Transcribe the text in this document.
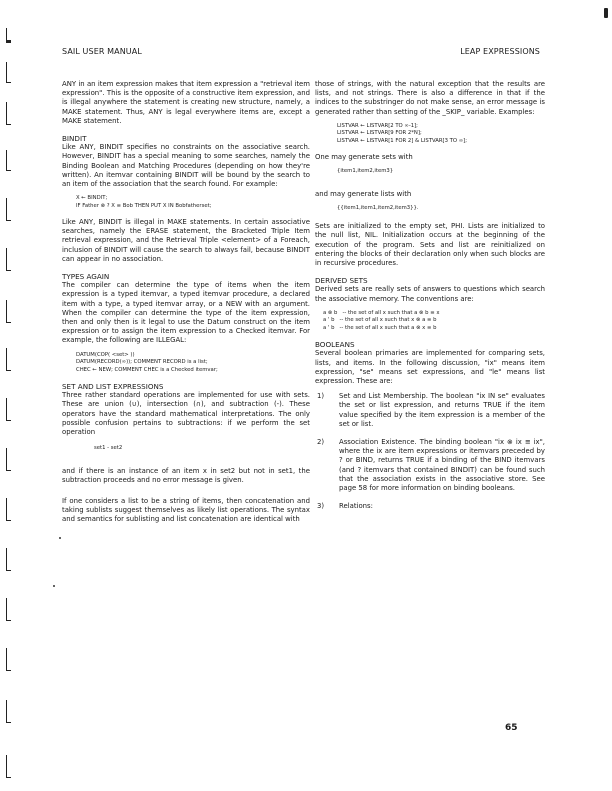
SAIL USER MANUAL	LEAP EXPRESSIONS

ANY in an item expression makes that item expression a "retrieval item expression". This is the opposite of a constructive item expression, and is illegal anywhere the statement is creating new structure, namely, a MAKE statement. Thus, ANY is legal everywhere items are, except a MAKE statement.

BINDIT

Like ANY, BINDIT specifies no constraints on the associative search. However, BINDIT has a special meaning to some searches, namely the Binding Boolean and Matching Procedures (depending on how they're written). An itemvar containing BINDIT will be bound by the search to an item of the association that the search found. For example:

X ← BINDIT;
IF Father ⊗ ? X ≡ Bob THEN PUT X IN Bobfatherset;

Like ANY, BINDIT is illegal in MAKE statements. In certain associative searches, namely the ERASE statement, the Bracketed Triple Item retrieval expression, and the Retrieval Triple <element> of a Foreach, inclusion of BINDIT will cause the search to always fail, because BINDIT can appear in no association.

TYPES AGAIN

The compiler can determine the type of items when the item expression is a typed itemvar, a typed itemvar procedure, a declared item with a type, a typed itemvar array, or a NEW with an argument. When the compiler can determine the type of the item expression, then and only then is it legal to use the Datum construct on the item expression or to assign the item expression to a Checked itemvar. For example, the following are ILLEGAL:

DATUM(COP( <set> ))
DATUM(RECORD(∞)); COMMENT RECORD is a list;
CHEC ← NEW; COMMENT CHEC is a Checked itemvar;
SET AND LIST EXPRESSIONS

Three rather standard operations are implemented for use with sets. These are union (∪), intersection (∩), and subtraction (-). These operators have the standard mathematical interpretations. The only possible confusion pertains to subtractions: if we perform the set operation

set1 - set2

and if there is an instance of an item x in set2 but not in set1, the subtraction proceeds and no error message is given.

If one considers a list to be a string of items, then concatenation and taking sublists suggest themselves as likely list operations. The syntax and semantics for sublisting and list concatenation are identical with

those of strings, with the natural exception that the results are lists, and not strings. There is also a difference in that if the indices to the substringer do not make sense, an error message is generated rather than setting of the _SKIP_ variable. Examples:

LISTVAR ← LISTVAR[2 TO ∞-1];
LISTVAR ← LISTVAR[9 FOR 2*N];
LISTVAR ← LISTVAR[1 FOR 2] & LISTVAR[3 TO ∞];

One may generate sets with

{item1,item2,item3}

and may generate lists with

{{item1,item1,item2,item3}}.

Sets are initialized to the empty set, PHI. Lists are initialized to the null list, NIL. Initialization occurs at the beginning of the execution of the program. Sets and list are reinitialized on entering the blocks of their declaration only when such blocks are in recursive procedures.

DERIVED SETS

Derived sets are really sets of answers to questions which search the associative memory. The conventions are:

a ⊗ b   -- the set of all x such that a ⊗ b ≡ x
a ' b   -- the set of all x such that x ⊗ a ≡ b
a ' b   -- the set of all x such that a ⊗ x ≡ b
BOOLEANS

Several boolean primaries are implemented for comparing sets, lists, and items. In the following discussion, "ix" means item expression, "se" means set expressions, and "le" means list expression. These are:

1)	Set and List Membership. The boolean "ix IN se" evaluates the set or list expression, and returns TRUE if the item value specified by the item expression is a member of the set or list.
2)	Association Existence. The binding boolean "ix ⊗ ix ≡ ix", where the ix are item expressions or itemvars preceded by ? or BIND, returns TRUE if a binding of the BIND itemvars (and ? itemvars that contained BINDIT) can be found such that the association exists in the associative store. See page 58 for more information on binding booleans.
3)	Relations:
65
